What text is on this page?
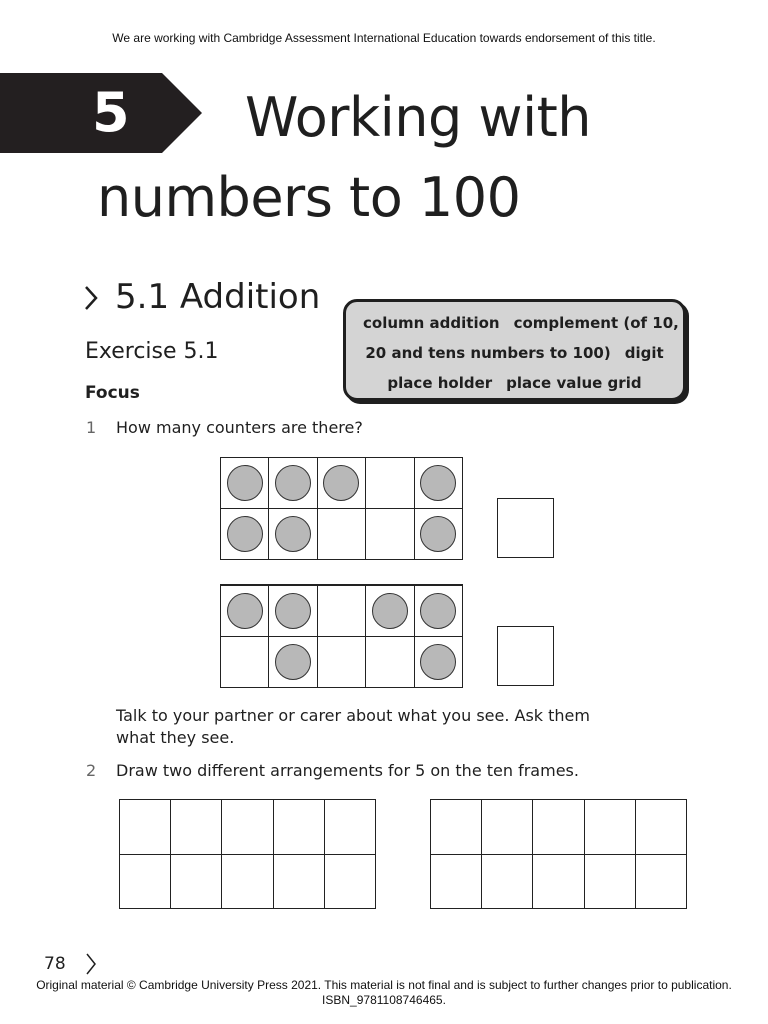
We are working with Cambridge Assessment International Education towards endorsement of this title.
5 Working with
numbers to 100
5.1 Addition
column addition complement (of 10,
20 and tens numbers to 100) digit
place holder place value grid
Exercise 5.1
Focus
1 How many counters are there?
Talk to your partner or carer about what you see. Ask them
what they see.
2 Draw two different arrangements for 5 on the ten frames.
78
Original material © Cambridge University Press 2021. This material is not final and is subject to further changes prior to publication.
ISBN_9781108746465.
